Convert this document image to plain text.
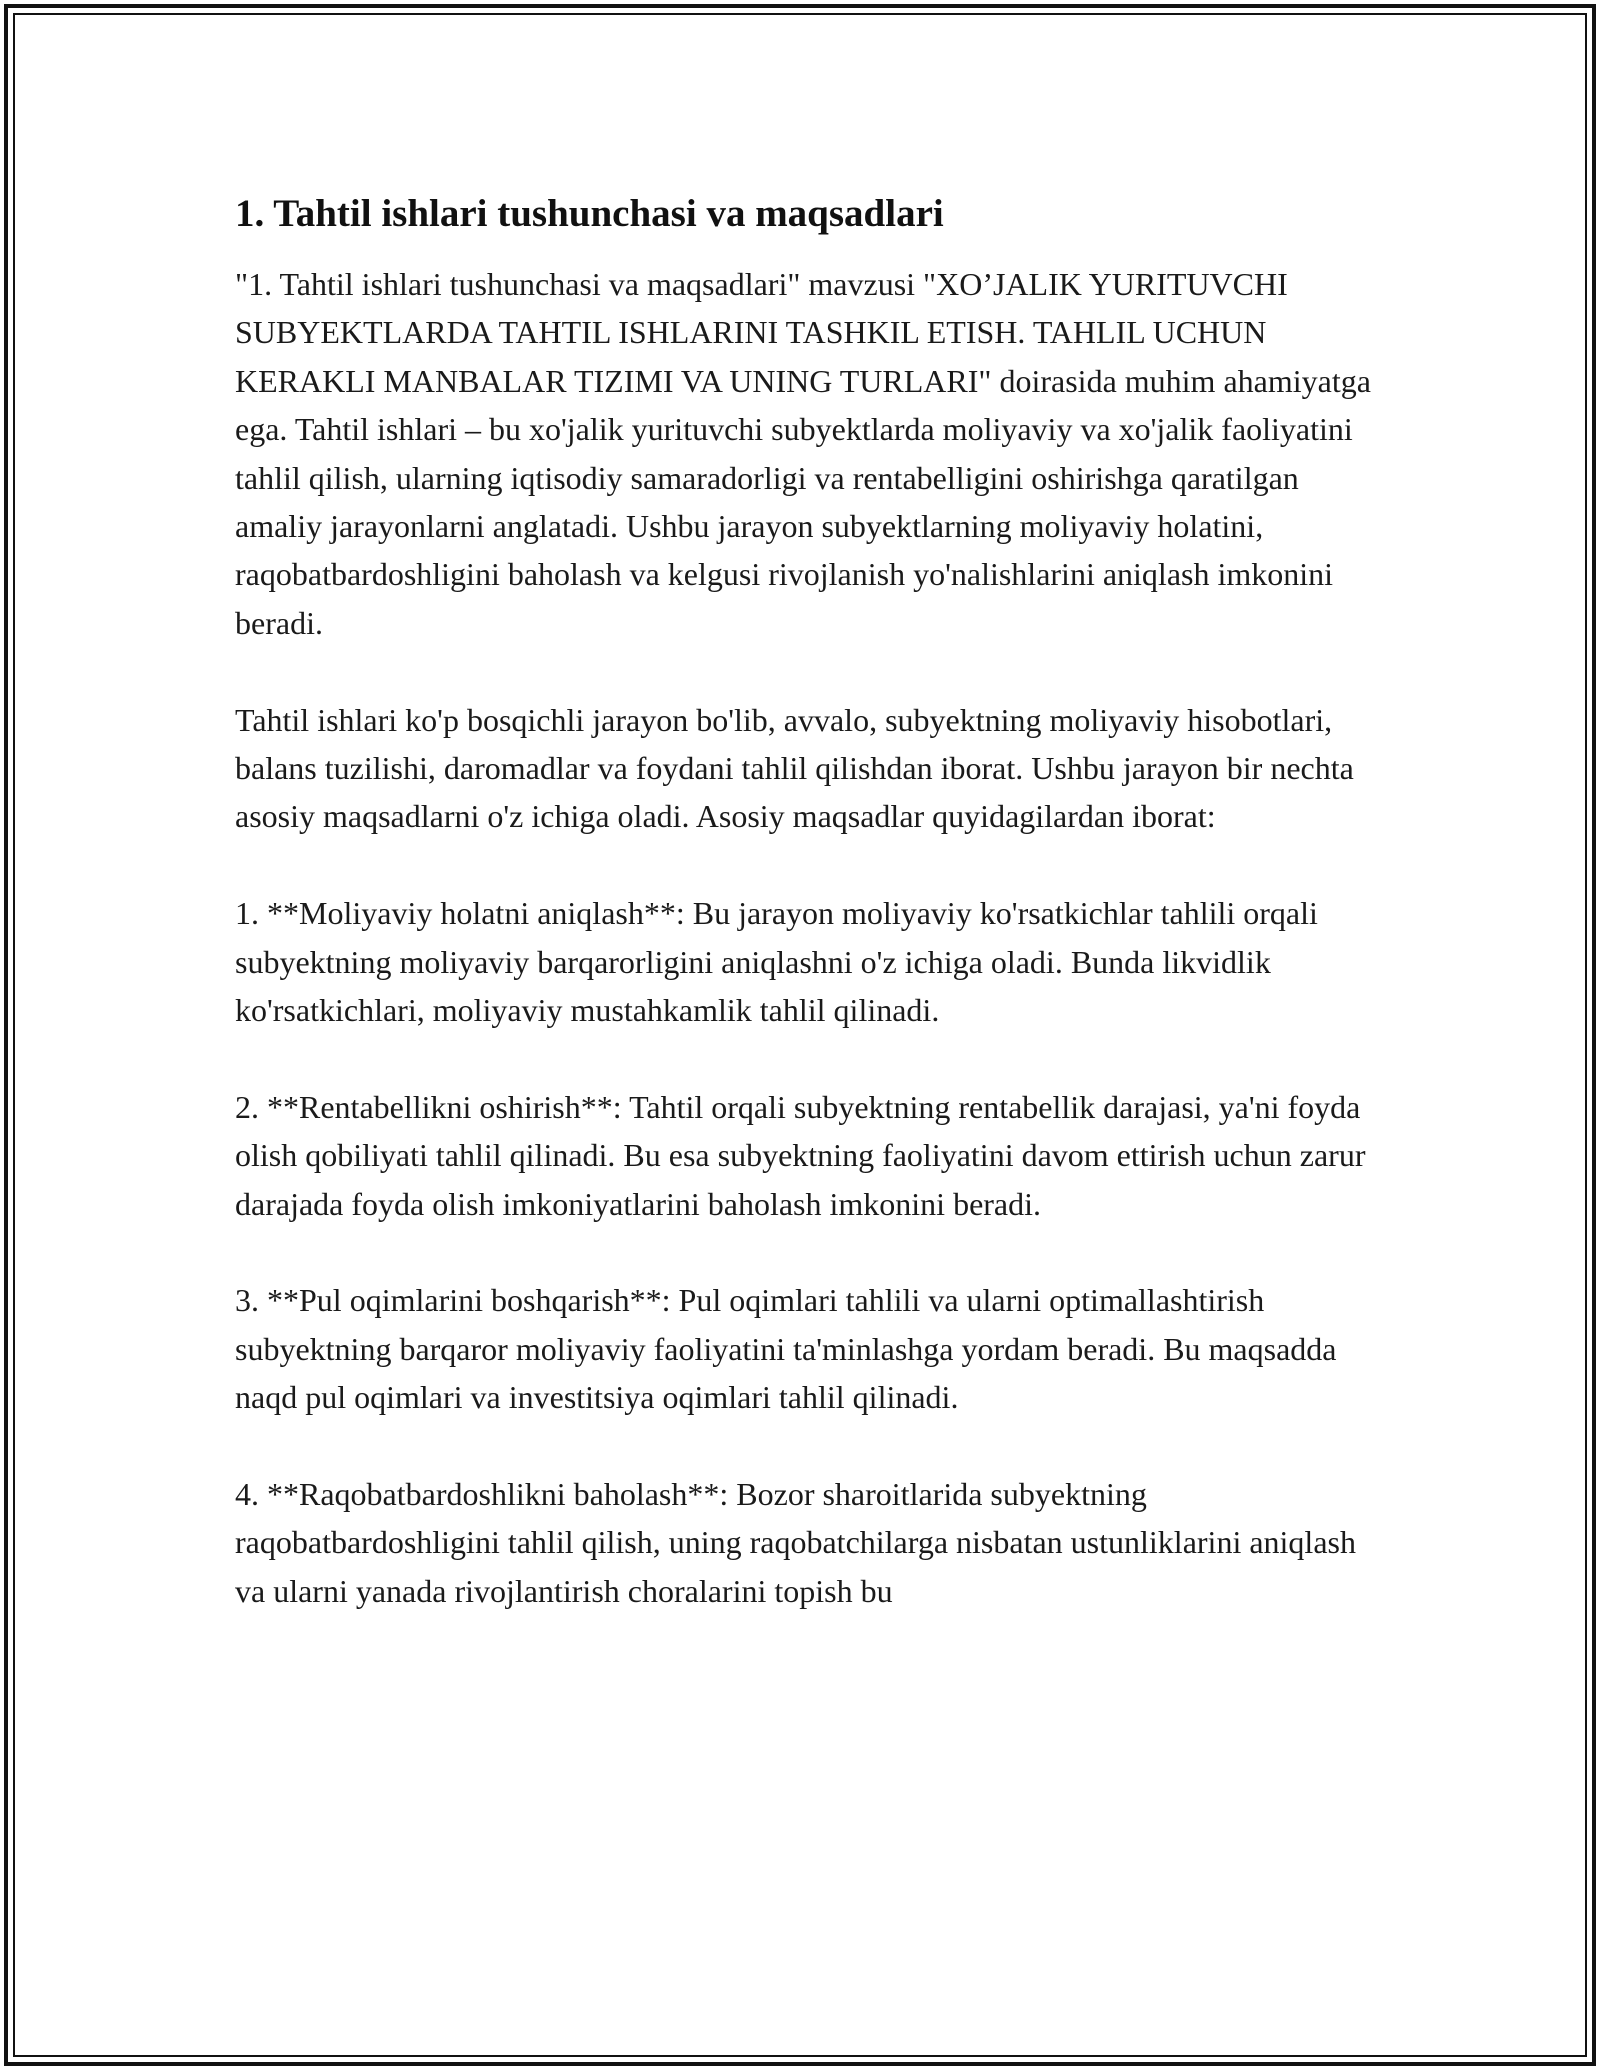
1. Tahtil ishlari tushunchasi va maqsadlari

"1. Tahtil ishlari tushunchasi va maqsadlari" mavzusi "XO’JALIK YURITUVCHI SUBYEKTLARDA TAHTIL ISHLARINI TASHKIL ETISH. TAHLIL UCHUN KERAKLI MANBALAR TIZIMI VA UNING TURLARI" doirasida muhim ahamiyatga ega. Tahtil ishlari – bu xo'jalik yurituvchi subyektlarda moliyaviy va xo'jalik faoliyatini tahlil qilish, ularning iqtisodiy samaradorligi va rentabelligini oshirishga qaratilgan amaliy jarayonlarni anglatadi. Ushbu jarayon subyektlarning moliyaviy holatini, raqobatbardoshligini baholash va kelgusi rivojlanish yo'nalishlarini aniqlash imkonini beradi.

Tahtil ishlari ko'p bosqichli jarayon bo'lib, avvalo, subyektning moliyaviy hisobotlari, balans tuzilishi, daromadlar va foydani tahlil qilishdan iborat. Ushbu jarayon bir nechta asosiy maqsadlarni o'z ichiga oladi. Asosiy maqsadlar quyidagilardan iborat:

1. **Moliyaviy holatni aniqlash**: Bu jarayon moliyaviy ko'rsatkichlar tahlili orqali subyektning moliyaviy barqarorligini aniqlashni o'z ichiga oladi. Bunda likvidlik ko'rsatkichlari, moliyaviy mustahkamlik tahlil qilinadi.

2. **Rentabellikni oshirish**: Tahtil orqali subyektning rentabellik darajasi, ya'ni foyda olish qobiliyati tahlil qilinadi. Bu esa subyektning faoliyatini davom ettirish uchun zarur darajada foyda olish imkoniyatlarini baholash imkonini beradi.

3. **Pul oqimlarini boshqarish**: Pul oqimlari tahlili va ularni optimallashtirish subyektning barqaror moliyaviy faoliyatini ta'minlashga yordam beradi. Bu maqsadda naqd pul oqimlari va investitsiya oqimlari tahlil qilinadi.

4. **Raqobatbardoshlikni baholash**: Bozor sharoitlarida subyektning raqobatbardoshligini tahlil qilish, uning raqobatchilarga nisbatan ustunliklarini aniqlash va ularni yanada rivojlantirish choralarini topish bu
